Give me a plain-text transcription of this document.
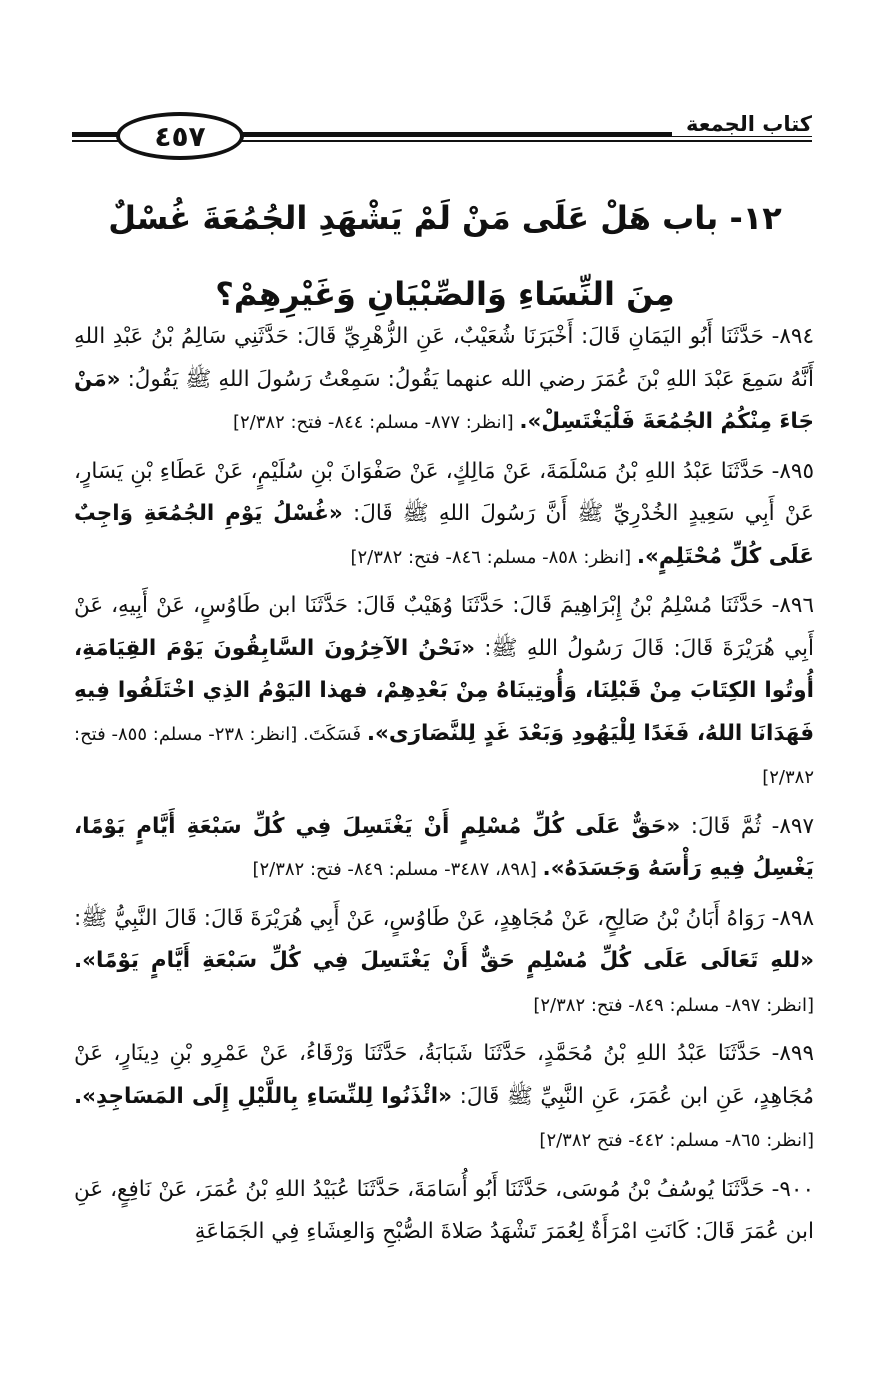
٤٥٧	كتاب الجمعة
١٢- باب هَلْ عَلَى مَنْ لَمْ يَشْهَدِ الجُمُعَةَ غُسْلٌ
مِنَ النِّسَاءِ وَالصِّبْيَانِ وَغَيْرِهِمْ؟

٨٩٤- حَدَّثَنَا أَبُو اليَمَانِ قَالَ: أَخْبَرَنَا شُعَيْبٌ، عَنِ الزُّهْرِيِّ قَالَ: حَدَّثَنِي سَالِمُ بْنُ عَبْدِ اللهِ أَنَّهُ سَمِعَ عَبْدَ اللهِ بْنَ عُمَرَ رضي الله عنهما يَقُولُ: سَمِعْتُ رَسُولَ اللهِ ﷺ يَقُولُ: «مَنْ جَاءَ مِنْكُمُ الجُمُعَةَ فَلْيَغْتَسِلْ». [انظر: ٨٧٧- مسلم: ٨٤٤- فتح: ٢/٣٨٢]

٨٩٥- حَدَّثَنَا عَبْدُ اللهِ بْنُ مَسْلَمَةَ، عَنْ مَالِكٍ، عَنْ صَفْوَانَ بْنِ سُلَيْمٍ، عَنْ عَطَاءِ بْنِ يَسَارٍ، عَنْ أَبِي سَعِيدٍ الخُدْرِيِّ ﷺ أَنَّ رَسُولَ اللهِ ﷺ قَالَ: «غُسْلُ يَوْمِ الجُمُعَةِ وَاجِبٌ عَلَى كُلِّ مُحْتَلِمٍ». [انظر: ٨٥٨- مسلم: ٨٤٦- فتح: ٢/٣٨٢]

٨٩٦- حَدَّثَنَا مُسْلِمُ بْنُ إِبْرَاهِيمَ قَالَ: حَدَّثَنَا وُهَيْبٌ قَالَ: حَدَّثَنَا ابن طَاوُسٍ، عَنْ أَبِيهِ، عَنْ أَبِي هُرَيْرَةَ قَالَ: قَالَ رَسُولُ اللهِ ﷺ: «نَحْنُ الآخِرُونَ السَّابِقُونَ يَوْمَ القِيَامَةِ، أُوتُوا الكِتَابَ مِنْ قَبْلِنَا، وَأُوتِينَاهُ مِنْ بَعْدِهِمْ، فهذا اليَوْمُ الذِي اخْتَلَفُوا فِيهِ فَهَدَانَا اللهُ، فَغَدًا لِلْيَهُودِ وَبَعْدَ غَدٍ لِلنَّصَارَى». فَسَكَتَ. [انظر: ٢٣٨- مسلم: ٨٥٥- فتح: ٢/٣٨٢]

٨٩٧- ثُمَّ قَالَ: «حَقٌّ عَلَى كُلِّ مُسْلِمٍ أَنْ يَغْتَسِلَ فِي كُلِّ سَبْعَةِ أَيَّامٍ يَوْمًا، يَغْسِلُ فِيهِ رَأْسَهُ وَجَسَدَهُ». [٨٩٨، ٣٤٨٧- مسلم: ٨٤٩- فتح: ٢/٣٨٢]

٨٩٨- رَوَاهُ أَبَانُ بْنُ صَالِحٍ، عَنْ مُجَاهِدٍ، عَنْ طَاوُسٍ، عَنْ أَبِي هُرَيْرَةَ قَالَ: قَالَ النَّبِيُّ ﷺ: «للهِ تَعَالَى عَلَى كُلِّ مُسْلِمٍ حَقٌّ أَنْ يَغْتَسِلَ فِي كُلِّ سَبْعَةِ أَيَّامٍ يَوْمًا». [انظر: ٨٩٧- مسلم: ٨٤٩- فتح: ٢/٣٨٢]

٨٩٩- حَدَّثَنَا عَبْدُ اللهِ بْنُ مُحَمَّدٍ، حَدَّثَنَا شَبَابَةُ، حَدَّثَنَا وَرْقَاءُ، عَنْ عَمْرِو بْنِ دِينَارٍ، عَنْ مُجَاهِدٍ، عَنِ ابن عُمَرَ، عَنِ النَّبِيِّ ﷺ قَالَ: «ائْذَنُوا لِلنِّسَاءِ بِاللَّيْلِ إِلَى المَسَاجِدِ». [انظر: ٨٦٥- مسلم: ٤٤٢- فتح ٢/٣٨٢]

٩٠٠- حَدَّثَنَا يُوسُفُ بْنُ مُوسَى، حَدَّثَنَا أَبُو أُسَامَةَ، حَدَّثَنَا عُبَيْدُ اللهِ بْنُ عُمَرَ، عَنْ نَافِعٍ، عَنِ ابن عُمَرَ قَالَ: كَانَتِ امْرَأَةٌ لِعُمَرَ تَشْهَدُ صَلاةَ الصُّبْحِ وَالعِشَاءِ فِي الجَمَاعَةِ
